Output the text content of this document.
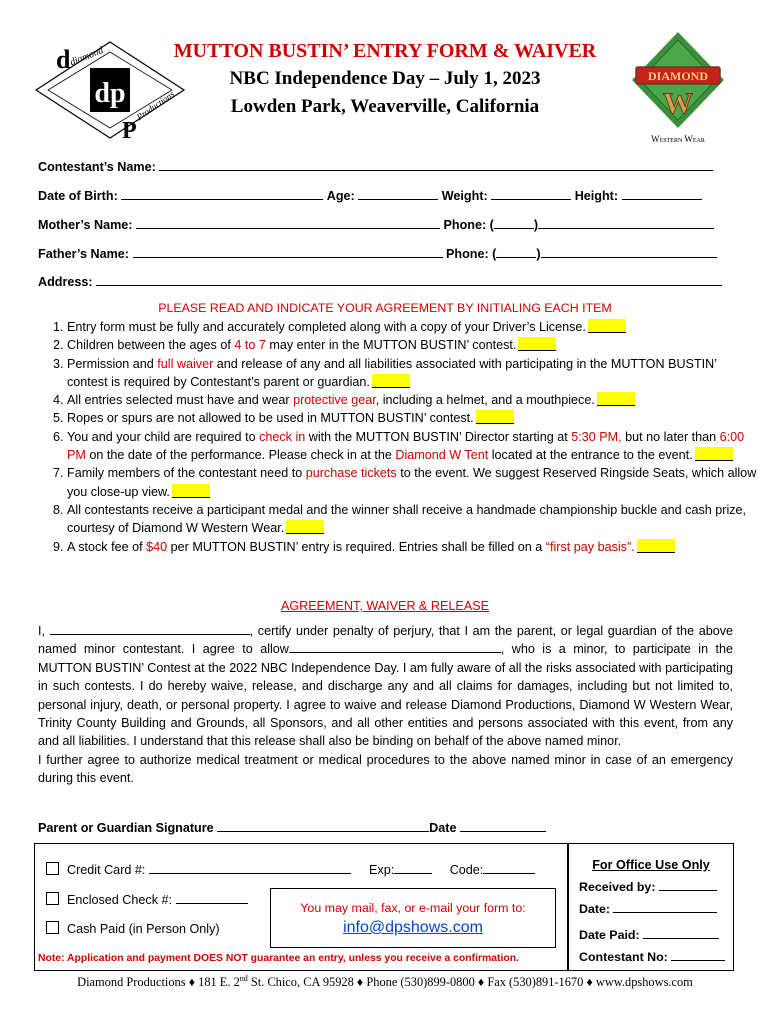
dp
d
P
diamond
Productions
DIAMOND
W
Western Wear
MUTTON BUSTIN’ ENTRY FORM & WAIVER
NBC Independence Day – July 1, 2023
Lowden Park, Weaverville, California
Contestant’s Name:
Date of Birth:	Age:	Weight:	Height:
Mother’s Name:	Phone: (	)
Father’s Name:	Phone: (	)
Address:
PLEASE READ AND INDICATE YOUR AGREEMENT BY INITIALING EACH ITEM
1. Entry form must be fully and accurately completed along with a copy of your Driver’s License.
2. Children between the ages of 4 to 7 may enter in the MUTTON BUSTIN’ contest.
3. Permission and full waiver and release of any and all liabilities associated with participating in the MUTTON BUSTIN’ contest is required by Contestant’s parent or guardian.
4. All entries selected must have and wear protective gear, including a helmet, and a mouthpiece.
5. Ropes or spurs are not allowed to be used in MUTTON BUSTIN’ contest.
6. You and your child are required to check in with the MUTTON BUSTIN’ Director starting at 5:30 PM, but no later than 6:00 PM on the date of the performance. Please check in at the Diamond W Tent located at the entrance to the event.
7. Family members of the contestant need to purchase tickets to the event. We suggest Reserved Ringside Seats, which allow you close-up view.
8. All contestants receive a participant medal and the winner shall receive a handmade championship buckle and cash prize, courtesy of Diamond W Western Wear.
9. A stock fee of $40 per MUTTON BUSTIN’ entry is required. Entries shall be filled on a “first pay basis”.
AGREEMENT, WAIVER & RELEASE

I,	, certify under penalty of perjury, that I am the parent, or legal guardian of the above named minor contestant. I agree to allow	, who is a minor, to participate in the MUTTON BUSTIN’ Contest at the 2022 NBC Independence Day. I am fully aware of all the risks associated with participating in such contests. I do hereby waive, release, and discharge any and all claims for damages, including but not limited to, personal injury, death, or personal property. I agree to waive and release Diamond Productions, Diamond W Western Wear, Trinity County Building and Grounds, all Sponsors, and all other entities and persons associated with this event, from any and all liabilities. I understand that this release shall also be binding on behalf of the above named minor.

I further agree to authorize medical treatment or medical procedures to the above named minor in case of an emergency during this event.

Parent or Guardian Signature	Date
Credit Card #:	Exp:	Code:
Enclosed Check #:
Cash Paid (in Person Only)
You may mail, fax, or e-mail your form to:
info@dpshows.com
Note: Application and payment DOES NOT guarantee an entry, unless you receive a confirmation.
For Office Use Only
Received by:
Date:
Date Paid:
Contestant No:
Diamond Productions ♦ 181 E. 2nd St. Chico, CA 95928 ♦ Phone (530)899-0800 ♦ Fax (530)891-1670 ♦ www.dpshows.com
